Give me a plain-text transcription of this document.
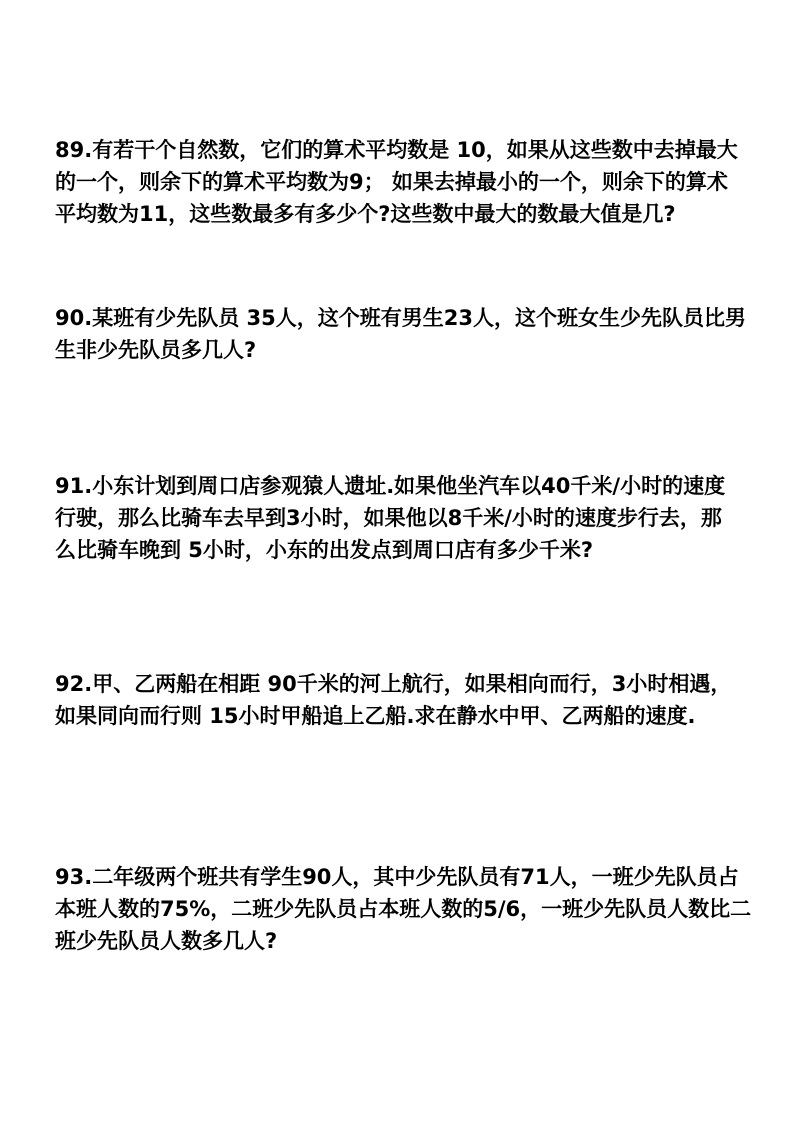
89.有若干个自然数，它们的算术平均数是 10，如果从这些数中去掉最大
的一个，则余下的算术平均数为9； 如果去掉最小的一个，则余下的算术
平均数为11，这些数最多有多少个?这些数中最大的数最大值是几?

90.某班有少先队员 35人，这个班有男生23人，这个班女生少先队员比男
生非少先队员多几人?

91.小东计划到周口店参观猿人遗址.如果他坐汽车以40千米/小时的速度
行驶，那么比骑车去早到3小时，如果他以8千米/小时的速度步行去，那
么比骑车晚到 5小时，小东的出发点到周口店有多少千米?

92.甲、乙两船在相距 90千米的河上航行，如果相向而行，3小时相遇，
如果同向而行则 15小时甲船追上乙船.求在静水中甲、乙两船的速度.

93.二年级两个班共有学生90人，其中少先队员有71人，一班少先队员占
本班人数的75%，二班少先队员占本班人数的5/6，一班少先队员人数比二
班少先队员人数多几人?
